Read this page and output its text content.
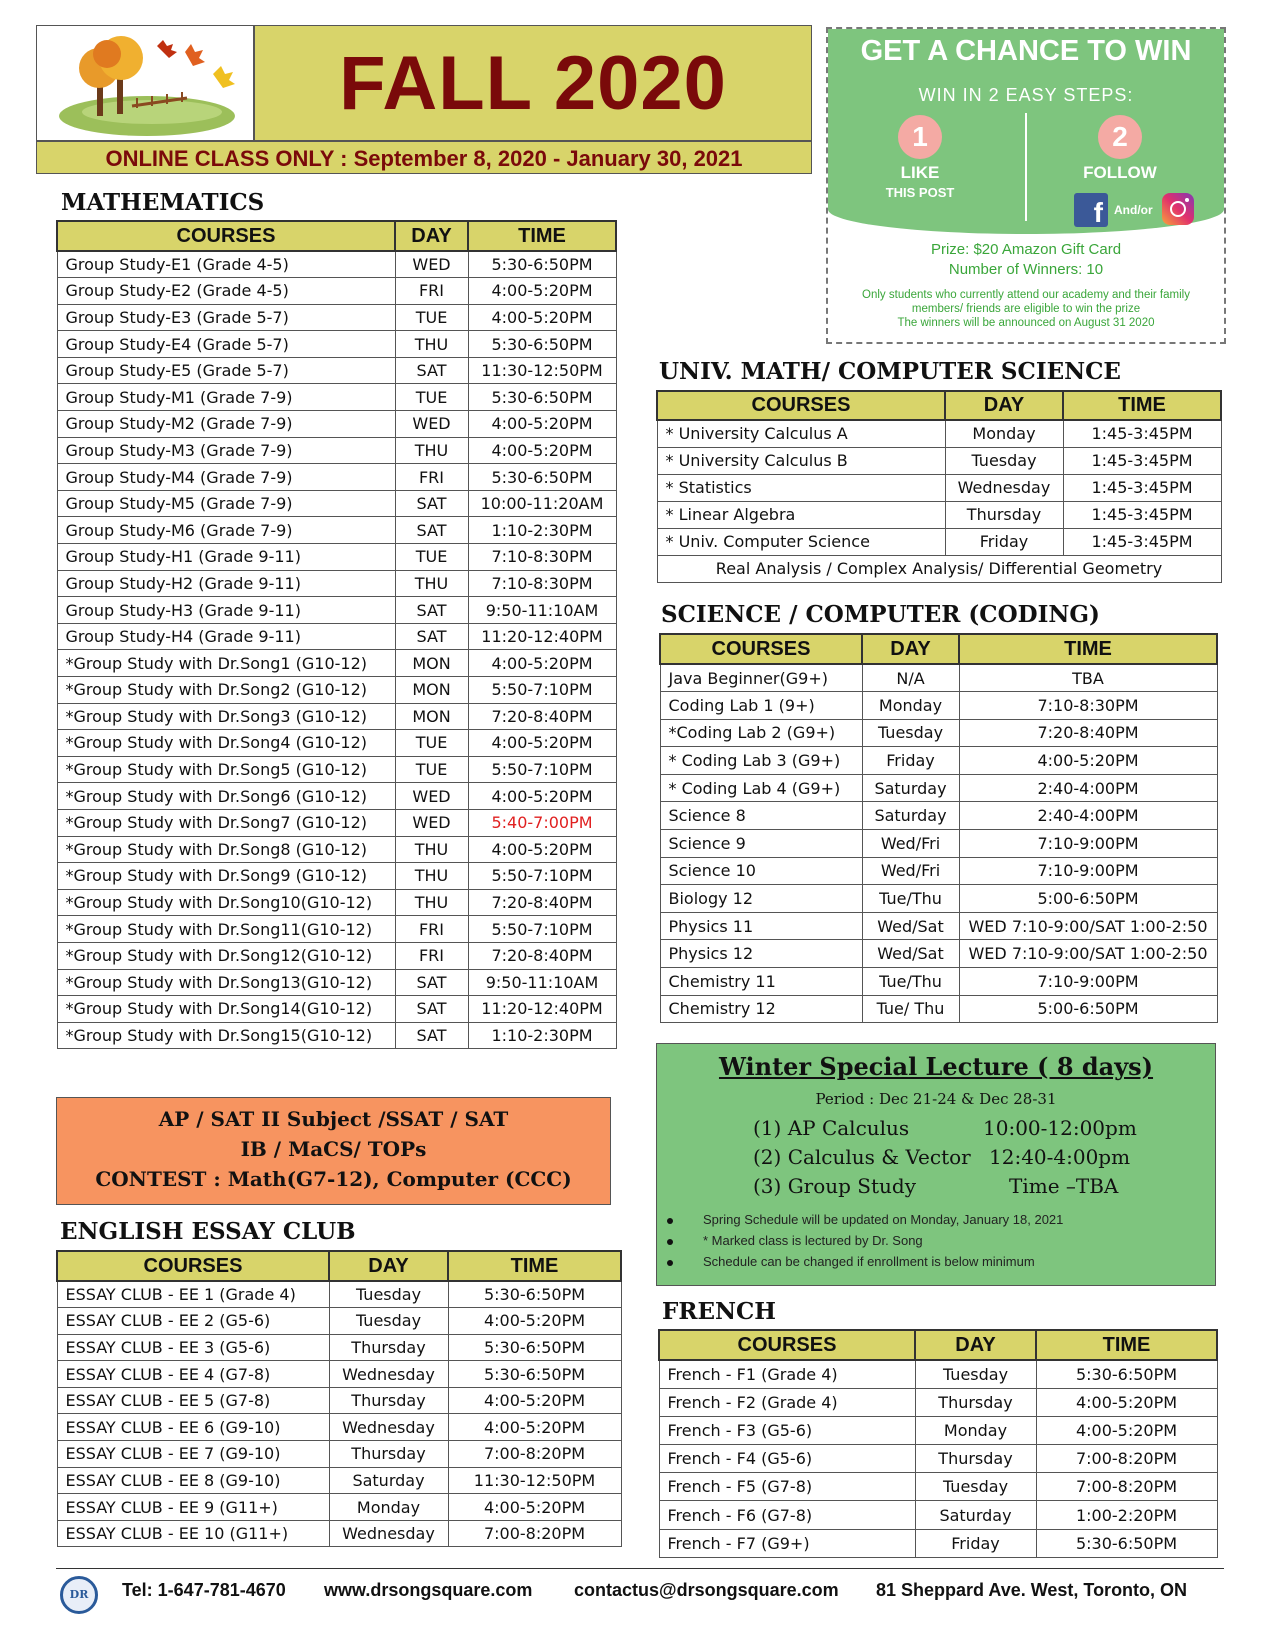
FALL 2020
ONLINE CLASS ONLY : September 8, 2020 - January 30, 2021
GET A CHANCE TO WIN
WIN IN 2 EASY STEPS:
1
LIKE
THIS POST
2
FOLLOW
f And/or
Prize: $20 Amazon Gift Card
Number of Winners: 10
Only students who currently attend our academy and their family
members/ friends are eligible to win the prize
The winners will be announced on August 31 2020
MATHEMATICS
COURSES	DAY	TIME
Group Study-E1 (Grade 4-5)	WED	5:30-6:50PM
Group Study-E2 (Grade 4-5)	FRI	4:00-5:20PM
Group Study-E3 (Grade 5-7)	TUE	4:00-5:20PM
Group Study-E4 (Grade 5-7)	THU	5:30-6:50PM
Group Study-E5 (Grade 5-7)	SAT	11:30-12:50PM
Group Study-M1 (Grade 7-9)	TUE	5:30-6:50PM
Group Study-M2 (Grade 7-9)	WED	4:00-5:20PM
Group Study-M3 (Grade 7-9)	THU	4:00-5:20PM
Group Study-M4 (Grade 7-9)	FRI	5:30-6:50PM
Group Study-M5 (Grade 7-9)	SAT	10:00-11:20AM
Group Study-M6 (Grade 7-9)	SAT	1:10-2:30PM
Group Study-H1 (Grade 9-11)	TUE	7:10-8:30PM
Group Study-H2 (Grade 9-11)	THU	7:10-8:30PM
Group Study-H3 (Grade 9-11)	SAT	9:50-11:10AM
Group Study-H4 (Grade 9-11)	SAT	11:20-12:40PM
*Group Study with Dr.Song1 (G10-12)	MON	4:00-5:20PM
*Group Study with Dr.Song2 (G10-12)	MON	5:50-7:10PM
*Group Study with Dr.Song3 (G10-12)	MON	7:20-8:40PM
*Group Study with Dr.Song4 (G10-12)	TUE	4:00-5:20PM
*Group Study with Dr.Song5 (G10-12)	TUE	5:50-7:10PM
*Group Study with Dr.Song6 (G10-12)	WED	4:00-5:20PM
*Group Study with Dr.Song7 (G10-12)	WED	5:40-7:00PM
*Group Study with Dr.Song8 (G10-12)	THU	4:00-5:20PM
*Group Study with Dr.Song9 (G10-12)	THU	5:50-7:10PM
*Group Study with Dr.Song10(G10-12)	THU	7:20-8:40PM
*Group Study with Dr.Song11(G10-12)	FRI	5:50-7:10PM
*Group Study with Dr.Song12(G10-12)	FRI	7:20-8:40PM
*Group Study with Dr.Song13(G10-12)	SAT	9:50-11:10AM
*Group Study with Dr.Song14(G10-12)	SAT	11:20-12:40PM
*Group Study with Dr.Song15(G10-12)	SAT	1:10-2:30PM
AP / SAT II Subject /SSAT / SAT
IB / MaCS/ TOPs
CONTEST : Math(G7-12), Computer (CCC)
ENGLISH ESSAY CLUB
COURSES	DAY	TIME
ESSAY CLUB - EE 1 (Grade 4)	Tuesday	5:30-6:50PM
ESSAY CLUB - EE 2 (G5-6)	Tuesday	4:00-5:20PM
ESSAY CLUB - EE 3 (G5-6)	Thursday	5:30-6:50PM
ESSAY CLUB - EE 4 (G7-8)	Wednesday	5:30-6:50PM
ESSAY CLUB - EE 5 (G7-8)	Thursday	4:00-5:20PM
ESSAY CLUB - EE 6 (G9-10)	Wednesday	4:00-5:20PM
ESSAY CLUB - EE 7 (G9-10)	Thursday	7:00-8:20PM
ESSAY CLUB - EE 8 (G9-10)	Saturday	11:30-12:50PM
ESSAY CLUB - EE 9 (G11+)	Monday	4:00-5:20PM
ESSAY CLUB - EE 10 (G11+)	Wednesday	7:00-8:20PM
UNIV. MATH/ COMPUTER SCIENCE
COURSES	DAY	TIME
* University Calculus A	Monday	1:45-3:45PM
* University Calculus B	Tuesday	1:45-3:45PM
* Statistics	Wednesday	1:45-3:45PM
* Linear Algebra	Thursday	1:45-3:45PM
* Univ. Computer Science	Friday	1:45-3:45PM
Real Analysis / Complex Analysis/ Differential Geometry		
SCIENCE / COMPUTER (CODING)
COURSES	DAY	TIME
Java Beginner(G9+)	N/A	TBA
Coding Lab 1 (9+)	Monday	7:10-8:30PM
*Coding Lab 2 (G9+)	Tuesday	7:20-8:40PM
* Coding Lab 3 (G9+)	Friday	4:00-5:20PM
* Coding Lab 4 (G9+)	Saturday	2:40-4:00PM
Science 8	Saturday	2:40-4:00PM
Science 9	Wed/Fri	7:10-9:00PM
Science 10	Wed/Fri	7:10-9:00PM
Biology 12	Tue/Thu	5:00-6:50PM
Physics 11	Wed/Sat	WED 7:10-9:00/SAT 1:00-2:50
Physics 12	Wed/Sat	WED 7:10-9:00/SAT 1:00-2:50
Chemistry 11	Tue/Thu	7:10-9:00PM
Chemistry 12	Tue/ Thu	5:00-6:50PM
Winter Special Lecture ( 8 days)
Period : Dec 21-24 & Dec 28-31
(1) AP Calculus	10:00-12:00pm
(2) Calculus & Vector 12:40-4:00pm
(3) Group Study	Time –TBA
Spring Schedule will be updated on Monday, January 18, 2021
* Marked class is lectured by Dr. Song
Schedule can be changed if enrollment is below minimum
FRENCH
COURSES	DAY	TIME
French - F1 (Grade 4)	Tuesday	5:30-6:50PM
French - F2 (Grade 4)	Thursday	4:00-5:20PM
French - F3 (G5-6)	Monday	4:00-5:20PM
French - F4 (G5-6)	Thursday	7:00-8:20PM
French - F5 (G7-8)	Tuesday	7:00-8:20PM
French - F6 (G7-8)	Saturday	1:00-2:20PM
French - F7 (G9+)	Friday	5:30-6:50PM
DR	Tel: 1-647-781-4670 www.drsongsquare.com contactus@drsongsquare.com 81 Sheppard Ave. West, Toronto, ON
